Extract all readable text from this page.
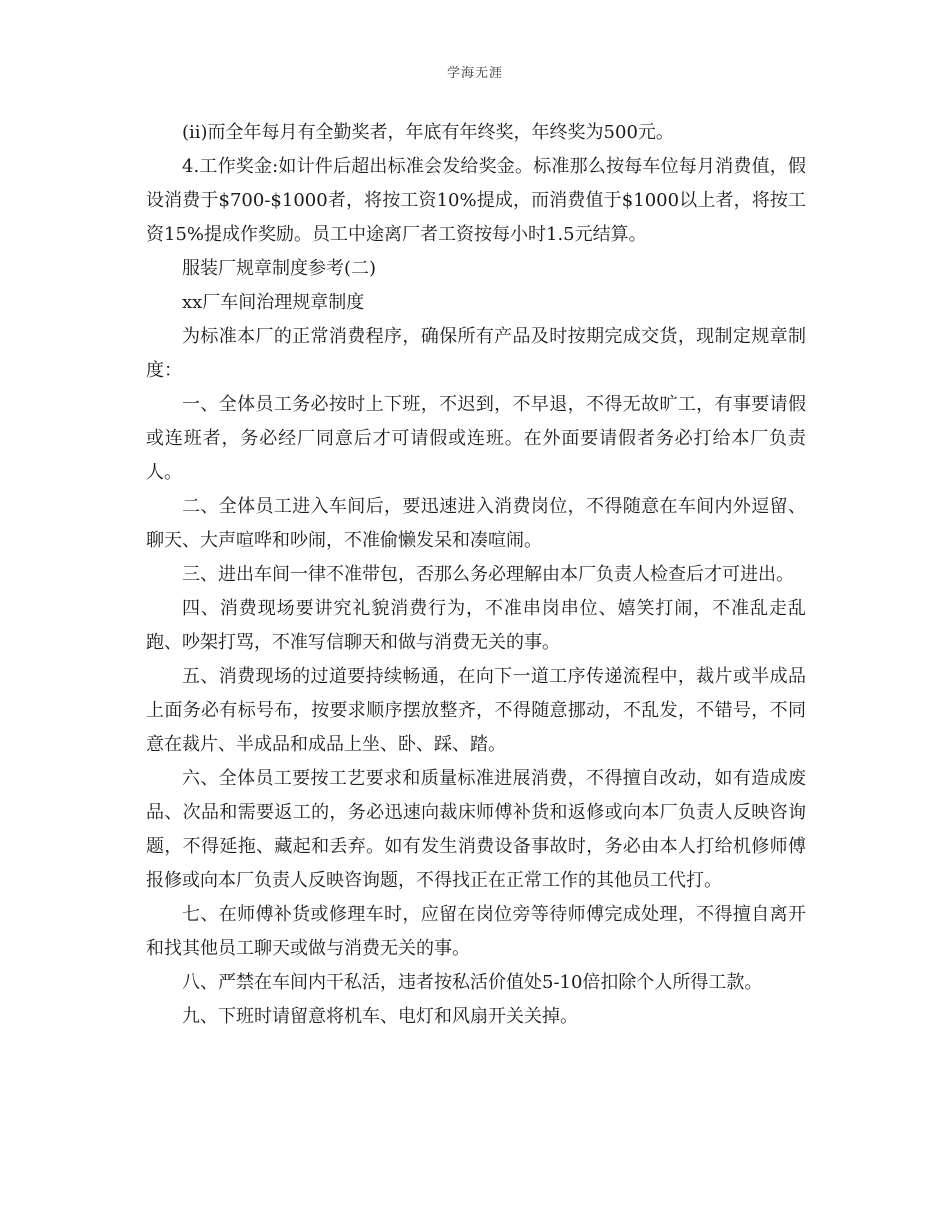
学海无涯

(ii)而全年每月有全勤奖者，年底有年终奖，年终奖为500元。

4.工作奖金:如计件后超出标准会发给奖金。标准那么按每车位每月消费值，假设消费于$700-$1000者，将按工资10%提成，而消费值于$1000以上者，将按工资15%提成作奖励。员工中途离厂者工资按每小时1.5元结算。

服装厂规章制度参考(二)

xx厂车间治理规章制度

为标准本厂的正常消费程序，确保所有产品及时按期完成交货，现制定规章制度：

一、全体员工务必按时上下班，不迟到，不早退，不得无故旷工，有事要请假或连班者，务必经厂同意后才可请假或连班。在外面要请假者务必打给本厂负责人。

二、全体员工进入车间后，要迅速进入消费岗位，不得随意在车间内外逗留、聊天、大声喧哗和吵闹，不准偷懒发呆和凑喧闹。

三、进出车间一律不准带包，否那么务必理解由本厂负责人检查后才可进出。

四、消费现场要讲究礼貌消费行为，不准串岗串位、嬉笑打闹，不准乱走乱跑、吵架打骂，不准写信聊天和做与消费无关的事。

五、消费现场的过道要持续畅通，在向下一道工序传递流程中，裁片或半成品上面务必有标号布，按要求顺序摆放整齐，不得随意挪动，不乱发，不错号，不同意在裁片、半成品和成品上坐、卧、踩、踏。

六、全体员工要按工艺要求和质量标准进展消费，不得擅自改动，如有造成废品、次品和需要返工的，务必迅速向裁床师傅补货和返修或向本厂负责人反映咨询题，不得延拖、藏起和丢弃。如有发生消费设备事故时，务必由本人打给机修师傅报修或向本厂负责人反映咨询题，不得找正在正常工作的其他员工代打。

七、在师傅补货或修理车时，应留在岗位旁等待师傅完成处理，不得擅自离开和找其他员工聊天或做与消费无关的事。

八、严禁在车间内干私活，违者按私活价值处5-10倍扣除个人所得工款。

九、下班时请留意将机车、电灯和风扇开关关掉。
